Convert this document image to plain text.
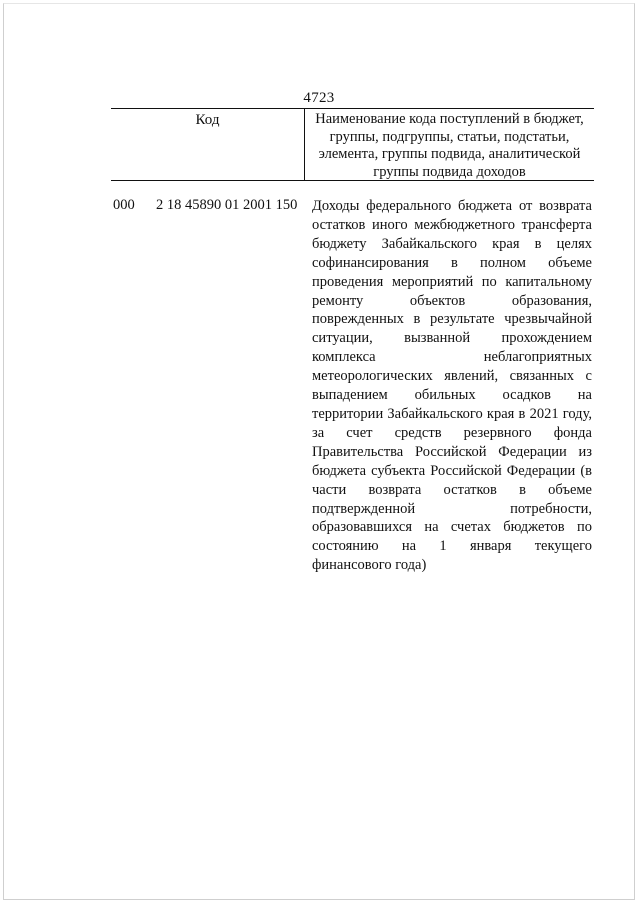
4723
Код	Наименование кода поступлений в бюджет, группы, подгруппы, статьи, подстатьи, элемента, группы подвида, аналитической группы подвида доходов
000 2 18 45890 01 2001 150 Доходы федерального бюджета от возврата остатков иного межбюджетного трансферта бюджету Забайкальского края в целях софинансирования в полном объеме проведения мероприятий по капитальному ремонту объектов образования, поврежденных в результате чрезвычайной ситуации, вызванной прохождением комплекса неблагоприятных метеорологических явлений, связанных с выпадением обильных осадков на территории Забайкальского края в 2021 году, за счет средств резервного фонда Правительства Российской Федерации из бюджета субъекта Российской Федерации (в части возврата остатков в объеме подтвержденной потребности, образовавшихся на счетах бюджетов по состоянию на 1 января текущего финансового года)
